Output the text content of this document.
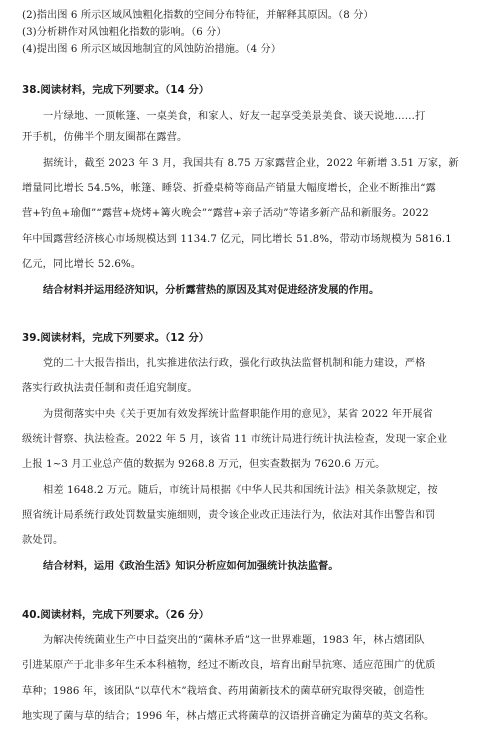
(2)指出图 6 所示区域风蚀粗化指数的空间分布特征，并解释其原因。（8 分）
(3)分析耕作对风蚀粗化指数的影响。（6 分）
(4)提出图 6 所示区域因地制宜的风蚀防治措施。（4 分）
38.阅读材料，完成下列要求。（14 分）
一片绿地、一顶帐篷、一桌美食，和家人、好友一起享受美景美食、谈天说地……打
开手机，仿佛半个朋友圈都在露营。
据统计，截至 2023 年 3 月，我国共有 8.75 万家露营企业，2022 年新增 3.51 万家，新
增量同比增长 54.5%，帐篷、睡袋、折叠桌椅等商品产销量大幅度增长，企业不断推出“露
营+钓鱼+瑜伽”“露营+烧烤+篝火晚会”“露营+亲子活动”等诸多新产品和新服务。2022
年中国露营经济核心市场规模达到 1134.7 亿元，同比增长 51.8%，带动市场规模为 5816.1
亿元，同比增长 52.6%。
结合材料并运用经济知识，分析露营热的原因及其对促进经济发展的作用。
39.阅读材料，完成下列要求。（12 分）
党的二十大报告指出，扎实推进依法行政，强化行政执法监督机制和能力建设，严格
落实行政执法责任制和责任追究制度。
为贯彻落实中央《关于更加有效发挥统计监督职能作用的意见》，某省 2022 年开展省
级统计督察、执法检查。2022 年 5 月，该省 11 市统计局进行统计执法检查，发现一家企业
上报 1~3 月工业总产值的数据为 9268.8 万元，但实查数据为 7620.6 万元。
相差 1648.2 万元。随后，市统计局根据《中华人民共和国统计法》相关条款规定，按
照省统计局系统行政处罚数量实施细则，责令该企业改正违法行为，依法对其作出警告和罚
款处罚。
结合材料，运用《政治生活》知识分析应如何加强统计执法监督。
40.阅读材料，完成下列要求。（26 分）
为解决传统菌业生产中日益突出的“菌林矛盾”这一世界难题，1983 年，林占熺团队
引进某原产于北非多年生禾本科植物，经过不断改良，培育出耐旱抗寒、适应范围广的优质
草种；1986 年，该团队“以草代木”栽培食、药用菌新技术的菌草研究取得突破，创造性
地实现了菌与草的结合；1996 年，林占熺正式将菌草的汉语拼音确定为菌草的英文名称。
